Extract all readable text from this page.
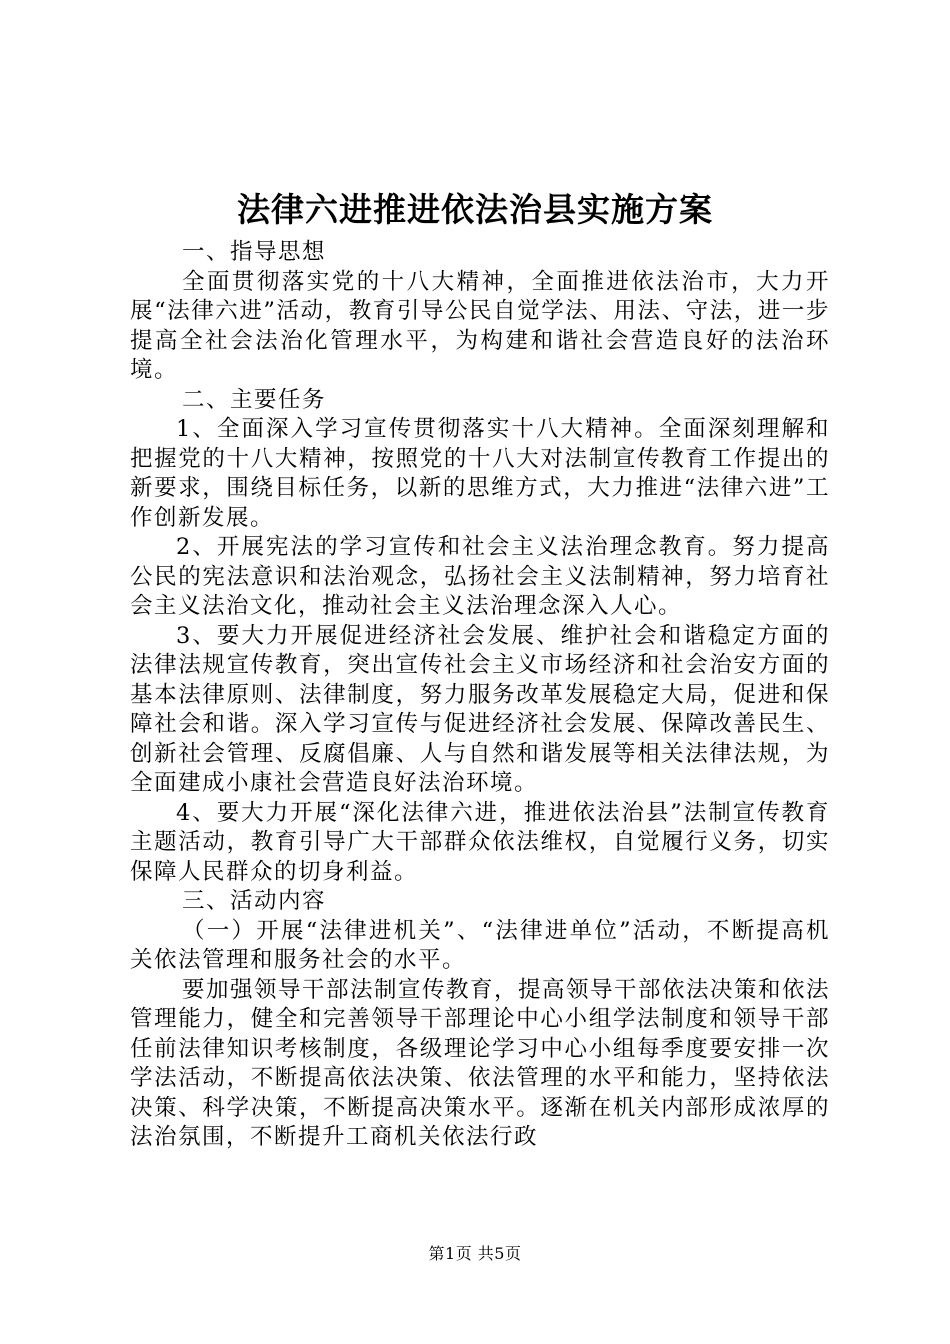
法律六进推进依法治县实施方案

一、指导思想

全面贯彻落实党的十八大精神，全面推进依法治市，大力开展“法律六进”活动，教育引导公民自觉学法、用法、守法，进一步提高全社会法治化管理水平，为构建和谐社会营造良好的法治环境。

二、主要任务

1、全面深入学习宣传贯彻落实十八大精神。全面深刻理解和把握党的十八大精神，按照党的十八大对法制宣传教育工作提出的新要求，围绕目标任务，以新的思维方式，大力推进“法律六进”工作创新发展。

2、开展宪法的学习宣传和社会主义法治理念教育。努力提高公民的宪法意识和法治观念，弘扬社会主义法制精神，努力培育社会主义法治文化，推动社会主义法治理念深入人心。

3、要大力开展促进经济社会发展、维护社会和谐稳定方面的法律法规宣传教育，突出宣传社会主义市场经济和社会治安方面的基本法律原则、法律制度，努力服务改革发展稳定大局，促进和保障社会和谐。深入学习宣传与促进经济社会发展、保障改善民生、创新社会管理、反腐倡廉、人与自然和谐发展等相关法律法规，为全面建成小康社会营造良好法治环境。

4、要大力开展“深化法律六进，推进依法治县”法制宣传教育主题活动，教育引导广大干部群众依法维权，自觉履行义务，切实保障人民群众的切身利益。

三、活动内容

（一）开展“法律进机关”、“法律进单位”活动，不断提高机关依法管理和服务社会的水平。

要加强领导干部法制宣传教育，提高领导干部依法决策和依法管理能力，健全和完善领导干部理论中心小组学法制度和领导干部任前法律知识考核制度，各级理论学习中心小组每季度要安排一次学法活动，不断提高依法决策、依法管理的水平和能力，坚持依法决策、科学决策，不断提高决策水平。逐渐在机关内部形成浓厚的法治氛围，不断提升工商机关依法行政

第1页 共5页
